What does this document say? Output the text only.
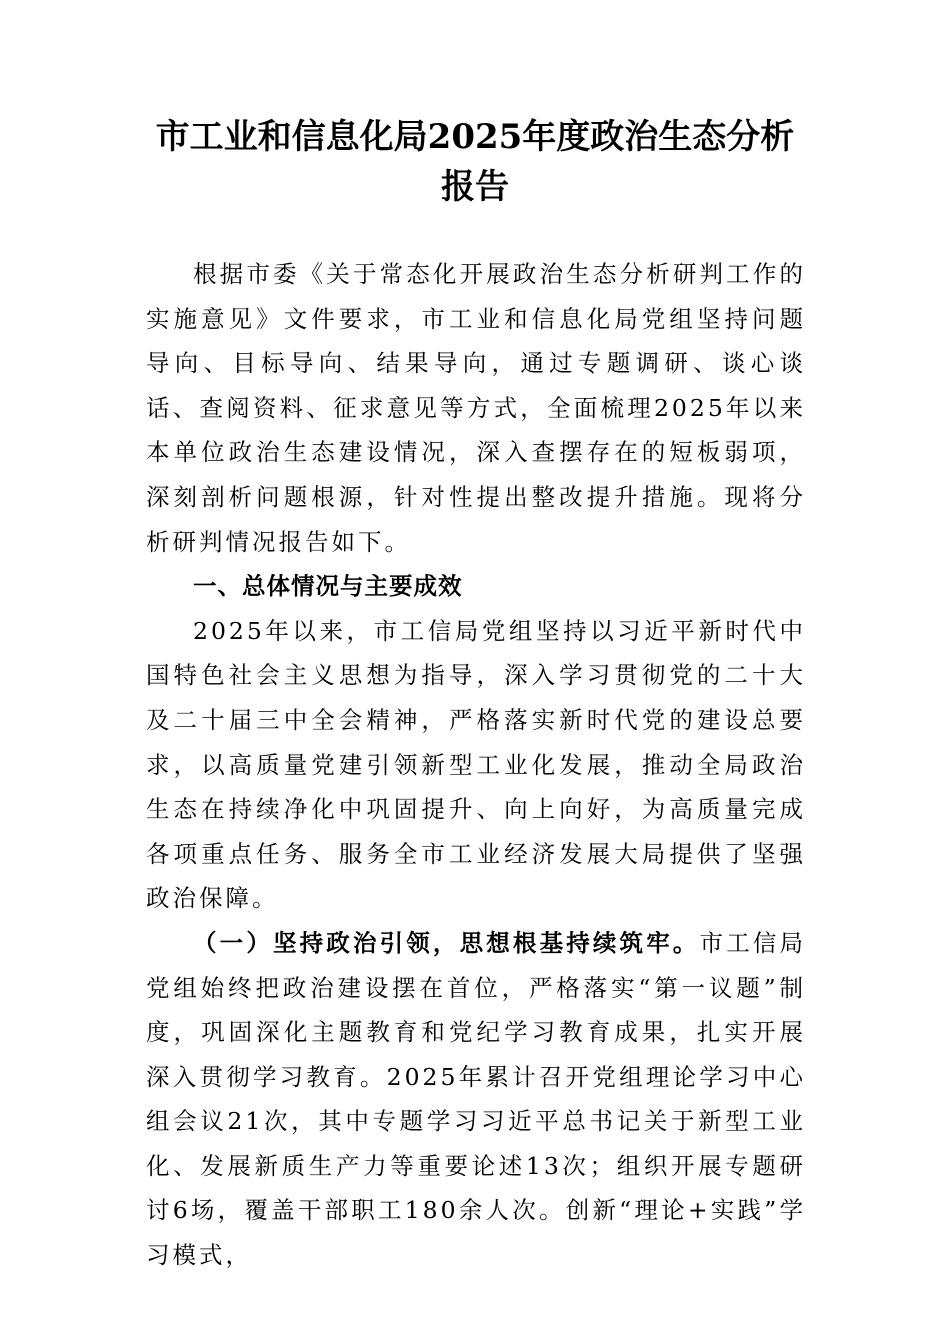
市工业和信息化局2025年度政治生态分析报告

根据市委《关于常态化开展政治生态分析研判工作的实施意见》文件要求，市工业和信息化局党组坚持问题导向、目标导向、结果导向，通过专题调研、谈心谈话、查阅资料、征求意见等方式，全面梳理2025年以来本单位政治生态建设情况，深入查摆存在的短板弱项，深刻剖析问题根源，针对性提出整改提升措施。现将分析研判情况报告如下。

一、总体情况与主要成效

2025年以来，市工信局党组坚持以习近平新时代中国特色社会主义思想为指导，深入学习贯彻党的二十大及二十届三中全会精神，严格落实新时代党的建设总要求，以高质量党建引领新型工业化发展，推动全局政治生态在持续净化中巩固提升、向上向好，为高质量完成各项重点任务、服务全市工业经济发展大局提供了坚强政治保障。

（一）坚持政治引领，思想根基持续筑牢。市工信局党组始终把政治建设摆在首位，严格落实“第一议题”制度，巩固深化主题教育和党纪学习教育成果，扎实开展深入贯彻学习教育。2025年累计召开党组理论学习中心组会议21次，其中专题学习习近平总书记关于新型工业化、发展新质生产力等重要论述13次；组织开展专题研讨6场，覆盖干部职工180余人次。创新“理论+实践”学习模式，
